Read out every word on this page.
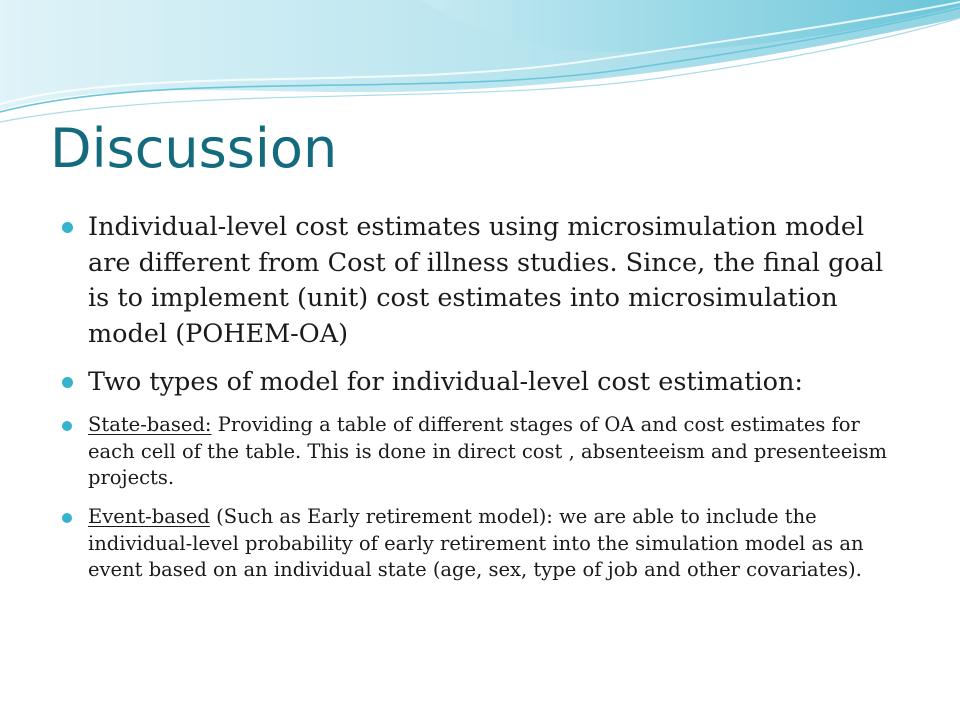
Discussion
Individual-level cost estimates using microsimulation model are different from Cost of illness studies. Since, the final goal is to implement (unit) cost estimates into microsimulation model (POHEM-OA)
Two types of model for individual-level cost estimation:
State-based: Providing a table of different stages of OA and cost estimates for each cell of the table. This is done in direct cost , absenteeism and presenteeism projects.
Event-based (Such as Early retirement model): we are able to include the individual-level probability of early retirement into the simulation model as an event based on an individual state (age, sex, type of job and other covariates).
